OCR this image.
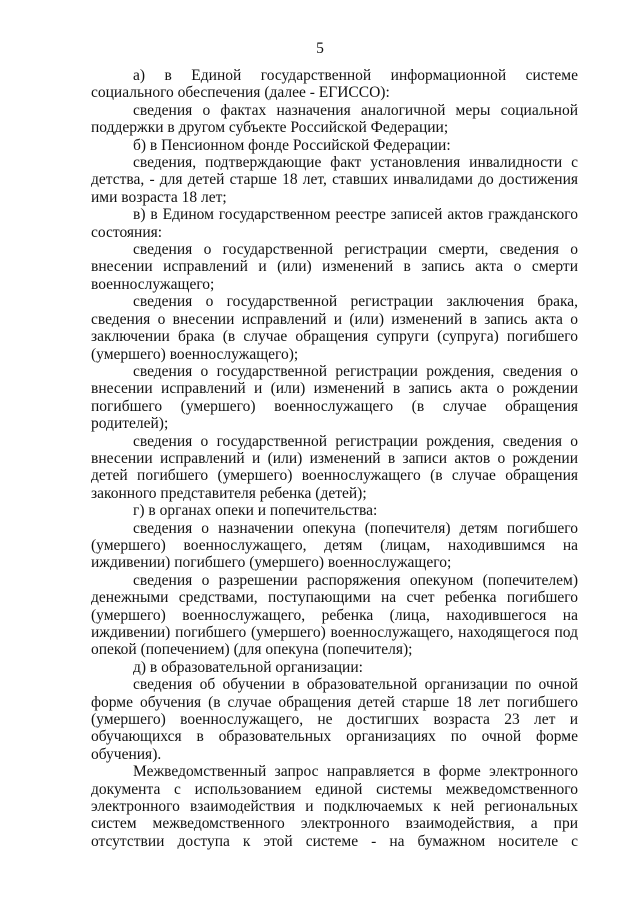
5

а) в Единой государственной информационной системе социального обеспечения (далее - ЕГИССО):

сведения о фактах назначения аналогичной меры социальной поддержки в другом субъекте Российской Федерации;

б) в Пенсионном фонде Российской Федерации:

сведения, подтверждающие факт установления инвалидности с детства, - для детей старше 18 лет, ставших инвалидами до достижения ими возраста 18 лет;

в) в Едином государственном реестре записей актов гражданского состояния:

сведения о государственной регистрации смерти, сведения о внесении исправлений и (или) изменений в запись акта о смерти военнослужащего;

сведения о государственной регистрации заключения брака, сведения о внесении исправлений и (или) изменений в запись акта о заключении брака (в случае обращения супруги (супруга) погибшего (умершего) военнослужащего);

сведения о государственной регистрации рождения, сведения о внесении исправлений и (или) изменений в запись акта о рождении погибшего (умершего) военнослужащего (в случае обращения родителей);

сведения о государственной регистрации рождения, сведения о внесении исправлений и (или) изменений в записи актов о рождении детей погибшего (умершего) военнослужащего (в случае обращения законного представителя ребенка (детей);

г) в органах опеки и попечительства:

сведения о назначении опекуна (попечителя) детям погибшего (умершего) военнослужащего, детям (лицам, находившимся на иждивении) погибшего (умершего) военнослужащего;

сведения о разрешении распоряжения опекуном (попечителем) денежными средствами, поступающими на счет ребенка погибшего (умершего) военнослужащего, ребенка (лица, находившегося на иждивении) погибшего (умершего) военнослужащего, находящегося под опекой (попечением) (для опекуна (попечителя);

д) в образовательной организации:

сведения об обучении в образовательной организации по очной форме обучения (в случае обращения детей старше 18 лет погибшего (умершего) военнослужащего, не достигших возраста 23 лет и обучающихся в образовательных организациях по очной форме обучения).

Межведомственный запрос направляется в форме электронного документа с использованием единой системы межведомственного электронного взаимодействия и подключаемых к ней региональных систем межведомственного электронного взаимодействия, а при отсутствии доступа к этой системе - на бумажном носителе с
